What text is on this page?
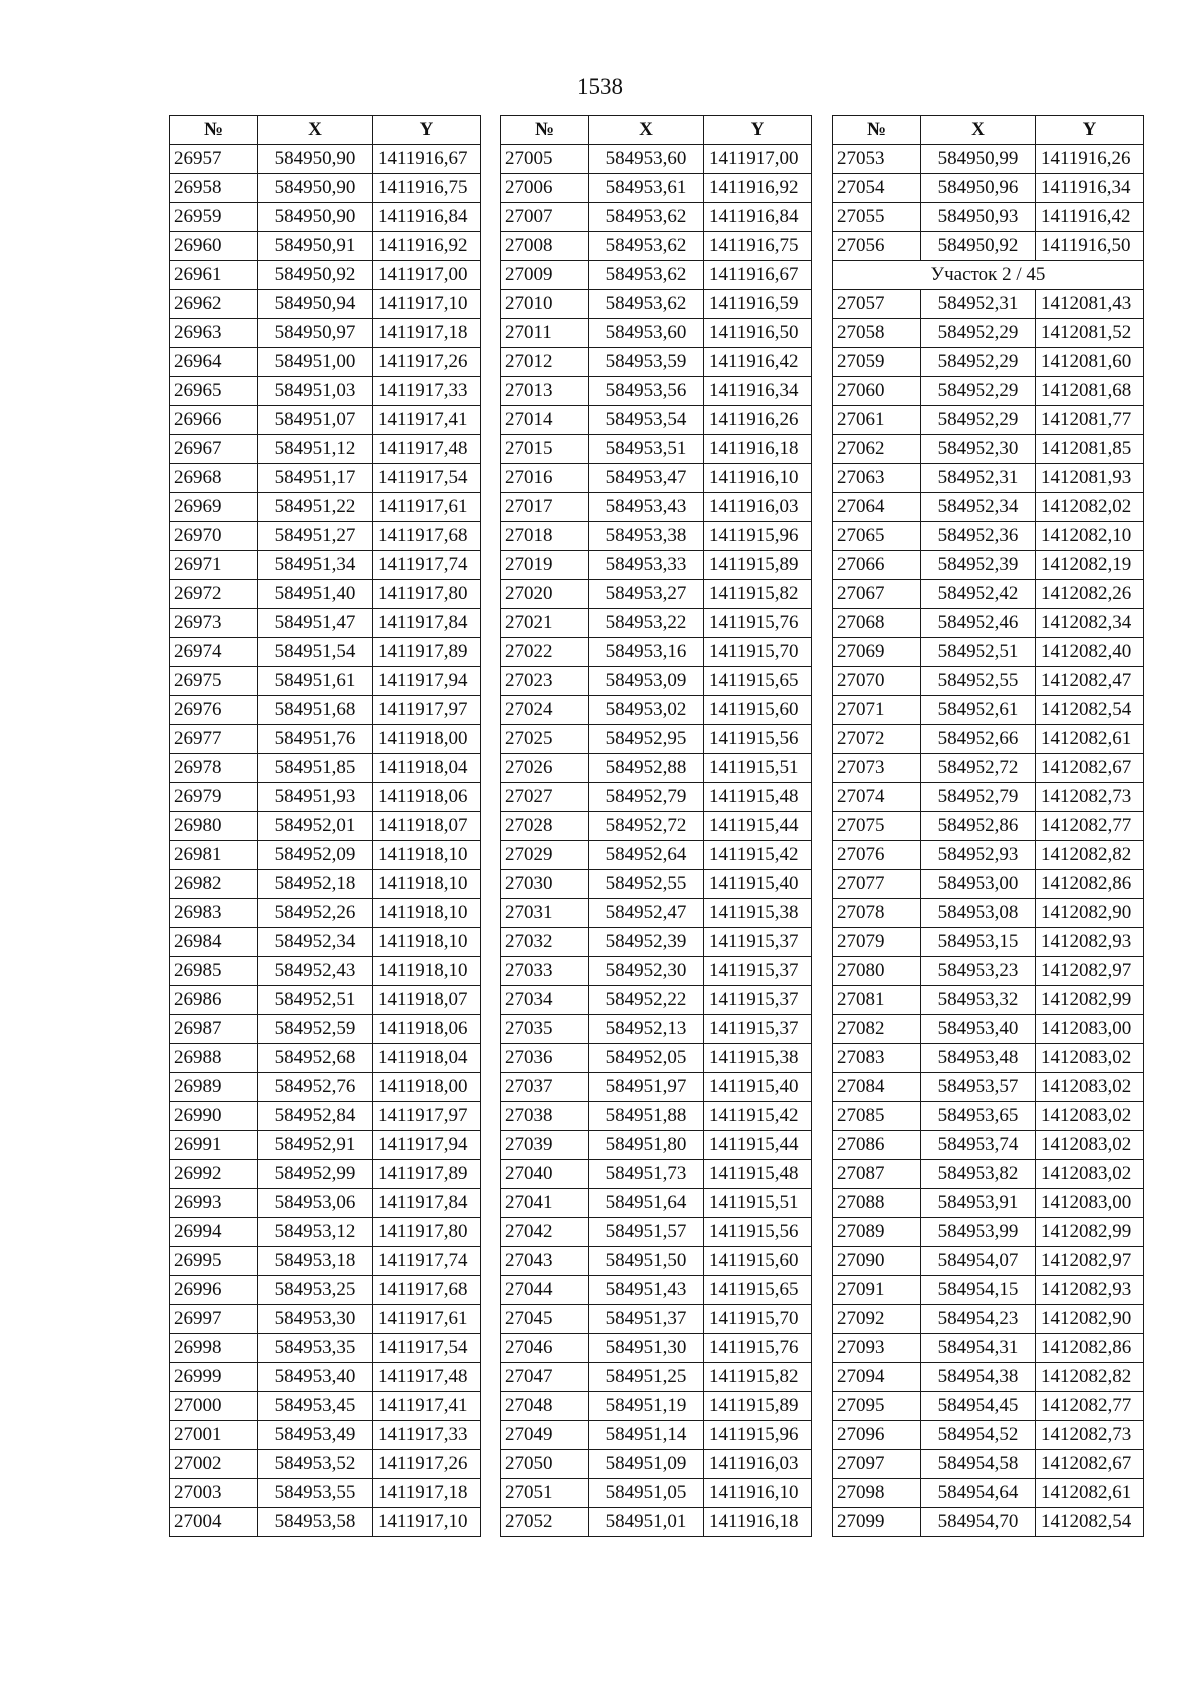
1538
№	X	Y
26957	584950,90	1411916,67
26958	584950,90	1411916,75
26959	584950,90	1411916,84
26960	584950,91	1411916,92
26961	584950,92	1411917,00
26962	584950,94	1411917,10
26963	584950,97	1411917,18
26964	584951,00	1411917,26
26965	584951,03	1411917,33
26966	584951,07	1411917,41
26967	584951,12	1411917,48
26968	584951,17	1411917,54
26969	584951,22	1411917,61
26970	584951,27	1411917,68
26971	584951,34	1411917,74
26972	584951,40	1411917,80
26973	584951,47	1411917,84
26974	584951,54	1411917,89
26975	584951,61	1411917,94
26976	584951,68	1411917,97
26977	584951,76	1411918,00
26978	584951,85	1411918,04
26979	584951,93	1411918,06
26980	584952,01	1411918,07
26981	584952,09	1411918,10
26982	584952,18	1411918,10
26983	584952,26	1411918,10
26984	584952,34	1411918,10
26985	584952,43	1411918,10
26986	584952,51	1411918,07
26987	584952,59	1411918,06
26988	584952,68	1411918,04
26989	584952,76	1411918,00
26990	584952,84	1411917,97
26991	584952,91	1411917,94
26992	584952,99	1411917,89
26993	584953,06	1411917,84
26994	584953,12	1411917,80
26995	584953,18	1411917,74
26996	584953,25	1411917,68
26997	584953,30	1411917,61
26998	584953,35	1411917,54
26999	584953,40	1411917,48
27000	584953,45	1411917,41
27001	584953,49	1411917,33
27002	584953,52	1411917,26
27003	584953,55	1411917,18
27004	584953,58	1411917,10
№	X	Y
27005	584953,60	1411917,00
27006	584953,61	1411916,92
27007	584953,62	1411916,84
27008	584953,62	1411916,75
27009	584953,62	1411916,67
27010	584953,62	1411916,59
27011	584953,60	1411916,50
27012	584953,59	1411916,42
27013	584953,56	1411916,34
27014	584953,54	1411916,26
27015	584953,51	1411916,18
27016	584953,47	1411916,10
27017	584953,43	1411916,03
27018	584953,38	1411915,96
27019	584953,33	1411915,89
27020	584953,27	1411915,82
27021	584953,22	1411915,76
27022	584953,16	1411915,70
27023	584953,09	1411915,65
27024	584953,02	1411915,60
27025	584952,95	1411915,56
27026	584952,88	1411915,51
27027	584952,79	1411915,48
27028	584952,72	1411915,44
27029	584952,64	1411915,42
27030	584952,55	1411915,40
27031	584952,47	1411915,38
27032	584952,39	1411915,37
27033	584952,30	1411915,37
27034	584952,22	1411915,37
27035	584952,13	1411915,37
27036	584952,05	1411915,38
27037	584951,97	1411915,40
27038	584951,88	1411915,42
27039	584951,80	1411915,44
27040	584951,73	1411915,48
27041	584951,64	1411915,51
27042	584951,57	1411915,56
27043	584951,50	1411915,60
27044	584951,43	1411915,65
27045	584951,37	1411915,70
27046	584951,30	1411915,76
27047	584951,25	1411915,82
27048	584951,19	1411915,89
27049	584951,14	1411915,96
27050	584951,09	1411916,03
27051	584951,05	1411916,10
27052	584951,01	1411916,18
№	X	Y
27053	584950,99	1411916,26
27054	584950,96	1411916,34
27055	584950,93	1411916,42
27056	584950,92	1411916,50
Участок 2 / 45		
27057	584952,31	1412081,43
27058	584952,29	1412081,52
27059	584952,29	1412081,60
27060	584952,29	1412081,68
27061	584952,29	1412081,77
27062	584952,30	1412081,85
27063	584952,31	1412081,93
27064	584952,34	1412082,02
27065	584952,36	1412082,10
27066	584952,39	1412082,19
27067	584952,42	1412082,26
27068	584952,46	1412082,34
27069	584952,51	1412082,40
27070	584952,55	1412082,47
27071	584952,61	1412082,54
27072	584952,66	1412082,61
27073	584952,72	1412082,67
27074	584952,79	1412082,73
27075	584952,86	1412082,77
27076	584952,93	1412082,82
27077	584953,00	1412082,86
27078	584953,08	1412082,90
27079	584953,15	1412082,93
27080	584953,23	1412082,97
27081	584953,32	1412082,99
27082	584953,40	1412083,00
27083	584953,48	1412083,02
27084	584953,57	1412083,02
27085	584953,65	1412083,02
27086	584953,74	1412083,02
27087	584953,82	1412083,02
27088	584953,91	1412083,00
27089	584953,99	1412082,99
27090	584954,07	1412082,97
27091	584954,15	1412082,93
27092	584954,23	1412082,90
27093	584954,31	1412082,86
27094	584954,38	1412082,82
27095	584954,45	1412082,77
27096	584954,52	1412082,73
27097	584954,58	1412082,67
27098	584954,64	1412082,61
27099	584954,70	1412082,54
